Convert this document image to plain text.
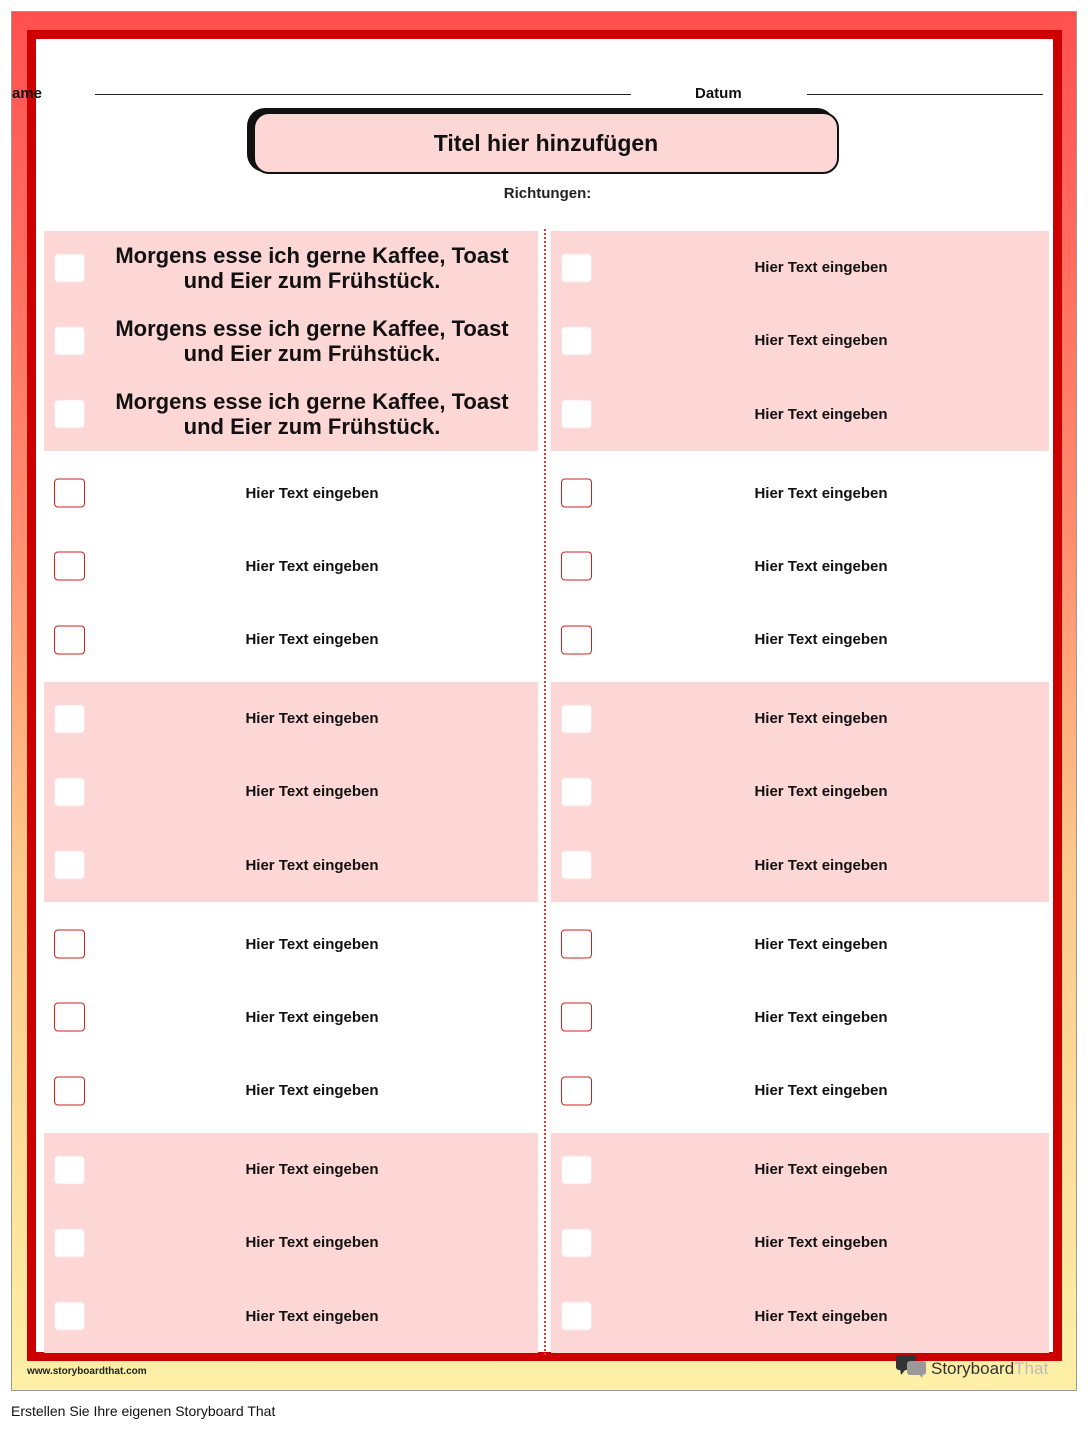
ame	Datum
Titel hier hinzufügen
Richtungen:
Morgens esse ich gerne Kaffee, Toast und Eier zum Frühstück.
Morgens esse ich gerne Kaffee, Toast und Eier zum Frühstück.
Morgens esse ich gerne Kaffee, Toast und Eier zum Frühstück.
Hier Text eingeben
Hier Text eingeben
Hier Text eingeben
Hier Text eingeben
Hier Text eingeben
Hier Text eingeben
Hier Text eingeben
Hier Text eingeben
Hier Text eingeben
Hier Text eingeben
Hier Text eingeben
Hier Text eingeben
Hier Text eingeben
Hier Text eingeben
Hier Text eingeben
Hier Text eingeben
Hier Text eingeben
Hier Text eingeben
Hier Text eingeben
Hier Text eingeben
Hier Text eingeben
Hier Text eingeben
Hier Text eingeben
Hier Text eingeben
Hier Text eingeben
Hier Text eingeben
Hier Text eingeben
www.storyboardthat.com	StoryboardThat
Erstellen Sie Ihre eigenen Storyboard That
